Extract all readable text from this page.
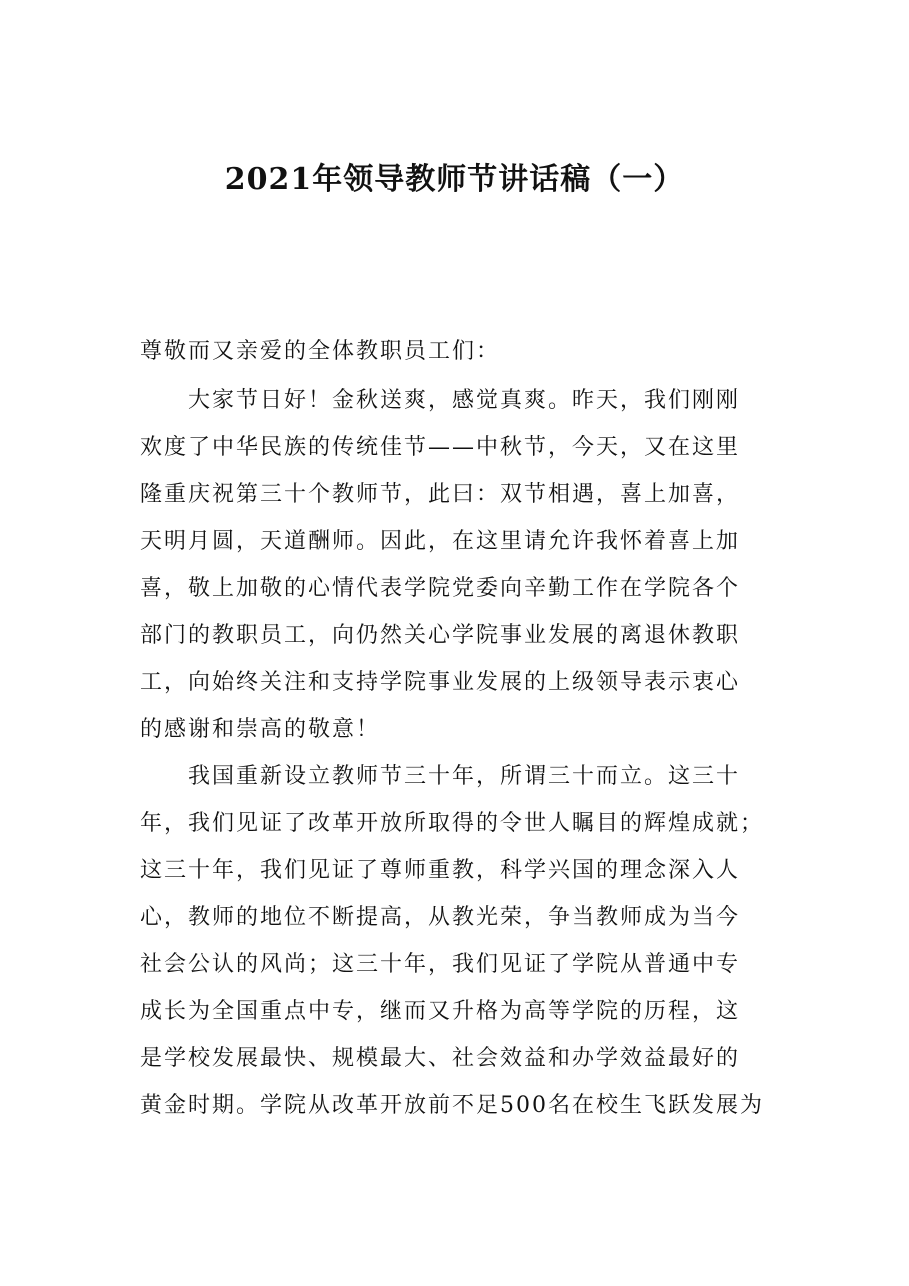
2021年领导教师节讲话稿（一）
尊敬而又亲爱的全体教职员工们：
大家节日好！金秋送爽，感觉真爽。昨天，我们刚刚
欢度了中华民族的传统佳节——中秋节，今天，又在这里
隆重庆祝第三十个教师节，此曰：双节相遇，喜上加喜，
天明月圆，天道酬师。因此，在这里请允许我怀着喜上加
喜，敬上加敬的心情代表学院党委向辛勤工作在学院各个
部门的教职员工，向仍然关心学院事业发展的离退休教职
工，向始终关注和支持学院事业发展的上级领导表示衷心
的感谢和崇高的敬意！
我国重新设立教师节三十年，所谓三十而立。这三十
年，我们见证了改革开放所取得的令世人瞩目的辉煌成就；
这三十年，我们见证了尊师重教，科学兴国的理念深入人
心，教师的地位不断提高，从教光荣，争当教师成为当今
社会公认的风尚；这三十年，我们见证了学院从普通中专
成长为全国重点中专，继而又升格为高等学院的历程，这
是学校发展最快、规模最大、社会效益和办学效益最好的
黄金时期。学院从改革开放前不足500名在校生飞跃发展为
